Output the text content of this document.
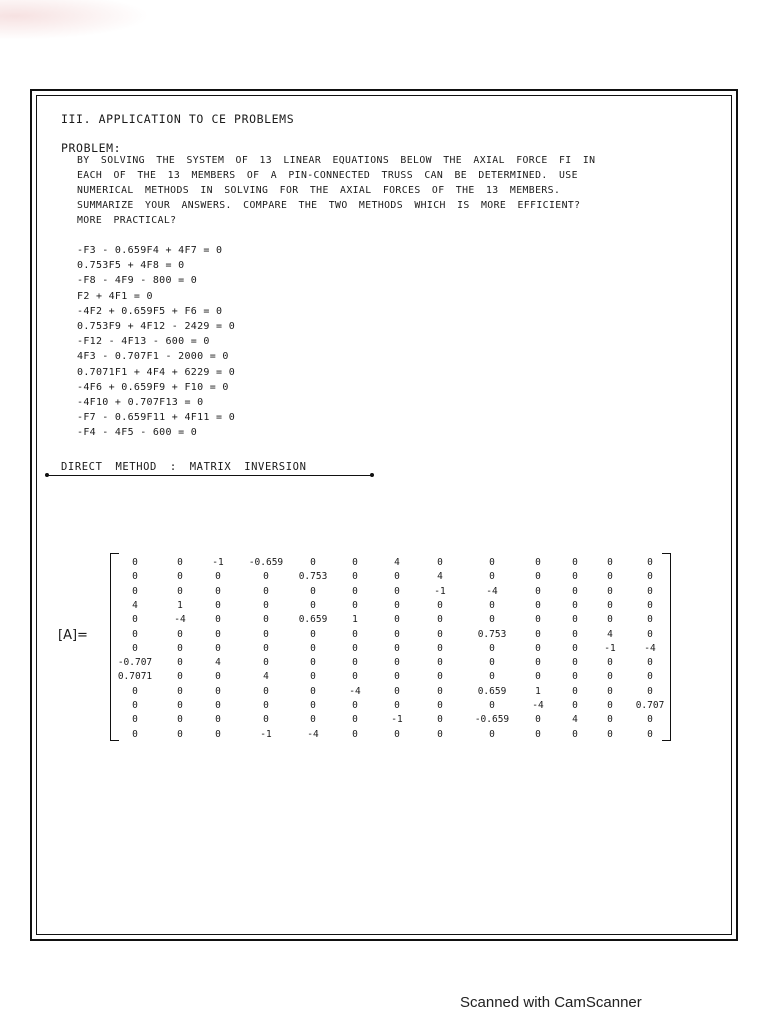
III. APPLICATION TO CE PROBLEMS
PROBLEM:
BY SOLVING THE SYSTEM OF 13 LINEAR EQUATIONS BELOW THE AXIAL FORCE FI IN
EACH OF THE 13 MEMBERS OF A PIN-CONNECTED TRUSS CAN BE DETERMINED. USE
NUMERICAL METHODS IN SOLVING FOR THE AXIAL FORCES OF THE 13 MEMBERS.
SUMMARIZE YOUR ANSWERS. COMPARE THE TWO METHODS WHICH IS MORE EFFICIENT?
MORE PRACTICAL?
-F3 - 0.659F4 + 4F7 = 0
0.753F5 + 4F8 = 0
-F8 - 4F9 - 800 = 0
F2 + 4F1 = 0
-4F2 + 0.659F5 + F6 = 0
0.753F9 + 4F12 - 2429 = 0
-F12 - 4F13 - 600 = 0
4F3 - 0.707F1 - 2000 = 0
0.7071F1 + 4F4 + 6229 = 0
-4F6 + 0.659F9 + F10 = 0
-4F10 + 0.707F13 = 0
-F7 - 0.659F11 + 4F11 = 0
-F4 - 4F5 - 600 = 0
DIRECT METHOD : MATRIX INVERSION
[A]=
0	0	-1	-0.659	0	0	4	0	0	0	0	0	0
0	0	0	0	0.753	0	0	4	0	0	0	0	0
0	0	0	0	0	0	0	-1	-4	0	0	0	0
4	1	0	0	0	0	0	0	0	0	0	0	0
0	-4	0	0	0.659	1	0	0	0	0	0	0	0
0	0	0	0	0	0	0	0	0.753	0	0	4	0
0	0	0	0	0	0	0	0	0	0	0	-1	-4
-0.707	0	4	0	0	0	0	0	0	0	0	0	0
0.7071	0	0	4	0	0	0	0	0	0	0	0	0
0	0	0	0	0	-4	0	0	0.659	1	0	0	0
0	0	0	0	0	0	0	0	0	-4	0	0 0.707
0	0	0	0	0	0	-1	0	-0.659	0	4	0	0
0	0	0	-1	-4	0	0	0	0	0	0	0	0
Scanned with CamScanner
